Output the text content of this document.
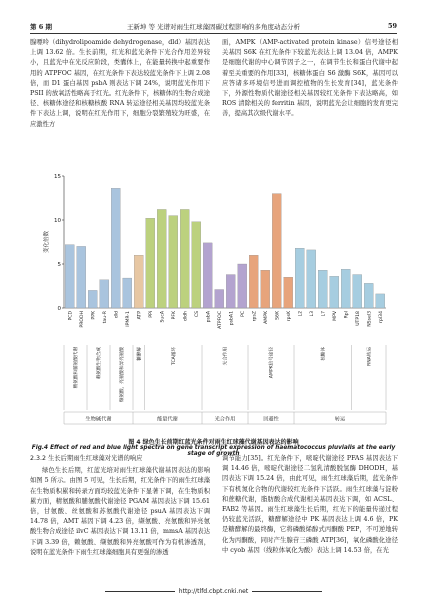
第 6 期	王新坤 等 光谱对雨生红球藻固碳过程影响的多角度动态分析	59

腺嘌呤（dihydrolipoamide dehydrogenase，dld）基因表达上调 13.62 倍。生长前期，红光和蓝光条件下光合作用差异较小，且蓝光中在光反应阶段，类囊体上，在能量转换中起重要作用的 ATPFOC 基因，在红光条件下表达较蓝光条件下上调 2.08 倍，而 D1 蛋白基因 psbA 则表达下调 24%，说明蓝光作用下 PSII 的放氧活性略高于红光。红光条件下，核糖体的生物合成途径、核糖体途径和核糖核酸 RNA 转运途径相关基因均较蓝光条件下表达上调，说明在红光作用下，细胞分裂繁殖较为旺盛，在应激性方

面，AMPK（AMP-activated protein kinase）信号途径相关基因 S6K 在红光条件下较蓝光表达上调 13.04 倍，AMPK 是细胞代谢的中心调节因子之一，在调节生长和蛋白代谢中起着至关重要的作用[33]，核糖体蛋白 S6 激酶 S6K，基因可以应答诸多环境信号进而调控植物的生长发育[34]，蓝光条件下，外源性物质代谢途径相关基因较红光条件下表达略高，如 ROS 清除相关的 ferritin 基因，说明蓝光会让细胞的发育更完善，提高其次级代谢水平。

0
5
10
15
变化倍数
PCD PRODH PPK tau-R dld IPMR-1 ATP PPi SucA PFK dldh CS psbA ATPFOC psbA1 PC rpsZ AMPK S6K rpsK L2 L3 L7 MPV Rpl UTP18 NSsel3 rpl34
精氨酸和脯氨酸代谢	赖氨酸生物合成	缬氨酸、亮氨酸和异亮氨酸	糖酵解	TCA循环	光合作用	AMPK信号途径	核糖体	RNA转运
生物碱代谢	能量代谢	光合作用	回避性	转运
图 4 绿色生长前期红蓝光条件对雨生红球藻代谢基因表达的影响
Fig.4 Effect of red and blue light spectra on gene transcript expression of haematococcus pluvialis at the early stage of growth
2.3.2 生长后期雨生红球藻对光谱的响应

绿色生长后期，红蓝光培对雨生红球藻代谢基因表达的影响如图 5 所示。由图 5 可见，生长后期，红光条件下的雨生红球藻在生物质积累和转录方面均较蓝光条件下显著下调，在生物质积累方面，精氨酸和脯氨酸代谢途径 PGAM 基因表达下调 15.61 倍，甘氨酸、丝氨酸和苏氨酸代谢途径 psuA 基因表达下调 14.78 倍，AMT 基因下调 4.23 倍，缬氨酸、亮氨酸和异亮氨酸生物合成途径 ilvC 基因表达下调 13.11 倍，mmsA 基因表达下调 3.39 倍，赖氨酸、缬氨酸和异亮氨酸可作为有机渗透剂，说明在蓝光条件下雨生红球藻细胞具有更强的渗透

调节能力[35]。红光条件下，嘧啶代谢途径 PFAS 基因表达下调 14.46 倍，嘧啶代谢途径二氢乳清酸脱氢酶 DHODH，基因表达下调 15.24 倍，由此可见，雨生红球藻后期，蓝光条件下有机氮化合物的代谢较红光条件下活跃。雨生红球藻与淀粉和蔗糖代谢，脂肪酸合成代谢相关基因表达下调，如 ACSL、FAB2 等基因。雨生红球藻生长后期，红光下的能量传递过程仍较蓝光活跃，糖酵解途径中 PK 基因表达上调 4.6 倍，PK 是糖酵解的最终酶，它将磷酸烯醇式丙酮酸 PEP，不可逆地转化为丙酮酸，同时产生腺苷三磷酸 ATP[36]，氧化磷酸化途径中 cyob 基因（线粒体氧化为酸）表达上调 14.53 倍，在光

http://tlfd.cbpt.cnki.net
